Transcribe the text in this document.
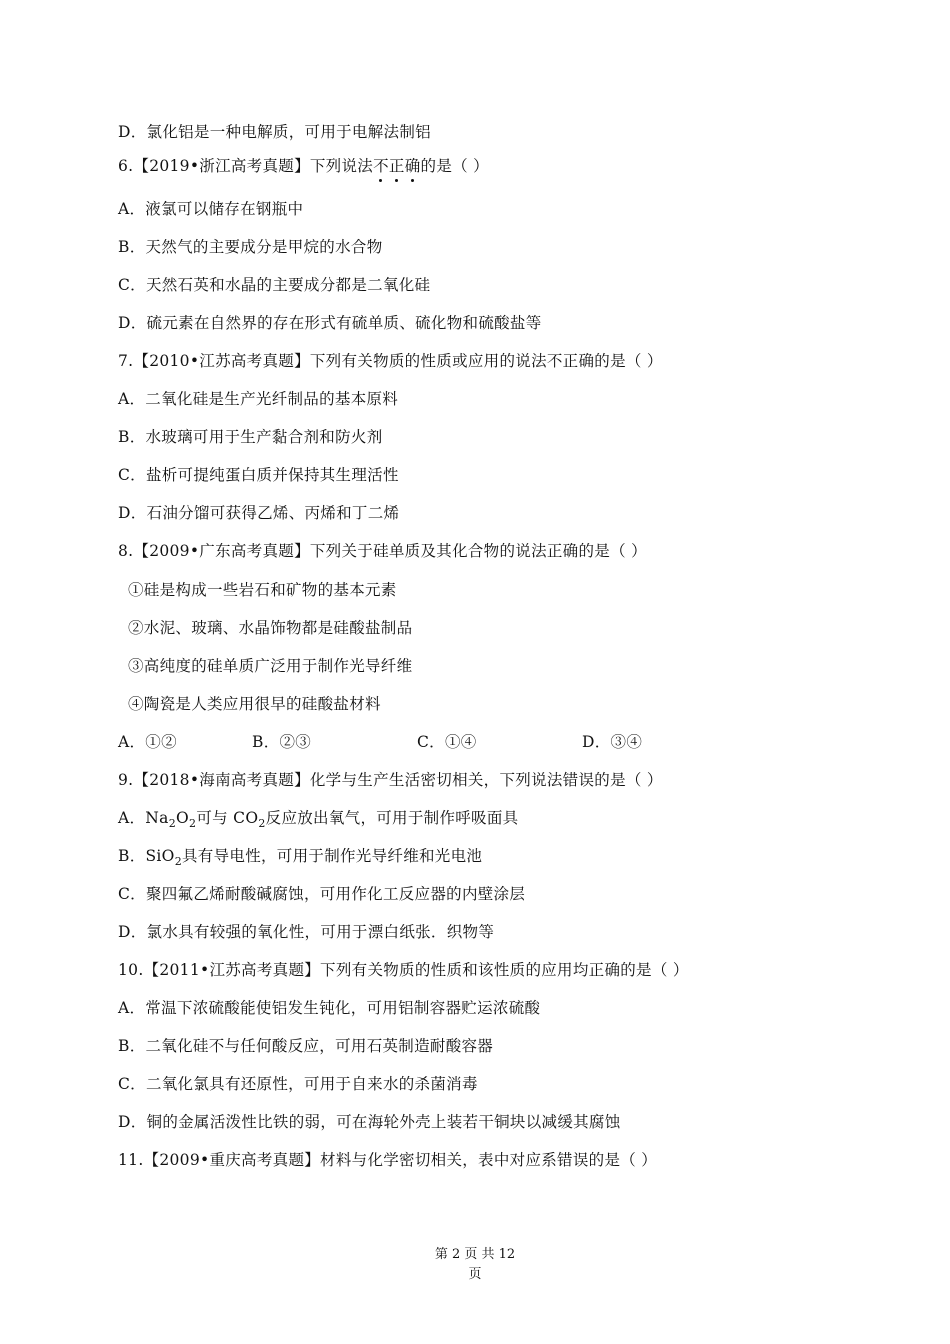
D．氯化铝是一种电解质，可用于电解法制铝
6.【2019•浙江高考真题】下列说法不
正
确
的是（ ）
A．液氯可以储存在钢瓶中
B．天然气的主要成分是甲烷的水合物
C．天然石英和水晶的主要成分都是二氧化硅
D．硫元素在自然界的存在形式有硫单质、硫化物和硫酸盐等
7.【2010•江苏高考真题】下列有关物质的性质或应用的说法不正确的是（ ）
A．二氧化硅是生产光纤制品的基本原料
B．水玻璃可用于生产黏合剂和防火剂
C．盐析可提纯蛋白质并保持其生理活性
D．石油分馏可获得乙烯、丙烯和丁二烯
8.【2009•广东高考真题】下列关于硅单质及其化合物的说法正确的是（ ）
①硅是构成一些岩石和矿物的基本元素
②水泥、玻璃、水晶饰物都是硅酸盐制品
③高纯度的硅单质广泛用于制作光导纤维
④陶瓷是人类应用很早的硅酸盐材料
A．①②	B．②③	C．①④	D．③④
9.【2018•海南高考真题】化学与生产生活密切相关，下列说法错误的是（ ）
A．$Na_2O_2$可与 $CO_2$反应放出氧气，可用于制作呼吸面具
B．SiO$_2$具有导电性，可用于制作光导纤维和光电池
C．聚四氟乙烯耐酸碱腐蚀，可用作化工反应器的内壁涂层
D．氯水具有较强的氧化性，可用于漂白纸张．织物等
10.【2011•江苏高考真题】下列有关物质的性质和该性质的应用均正确的是（ ）
A．常温下浓硫酸能使铝发生钝化，可用铝制容器贮运浓硫酸
B．二氧化硅不与任何酸反应，可用石英制造耐酸容器
C．二氧化氯具有还原性，可用于自来水的杀菌消毒
D．铜的金属活泼性比铁的弱，可在海轮外壳上装若干铜块以减缓其腐蚀
11.【2009•重庆高考真题】材料与化学密切相关，表中对应系错误的是（ ）
第 2 页 共 12
页
